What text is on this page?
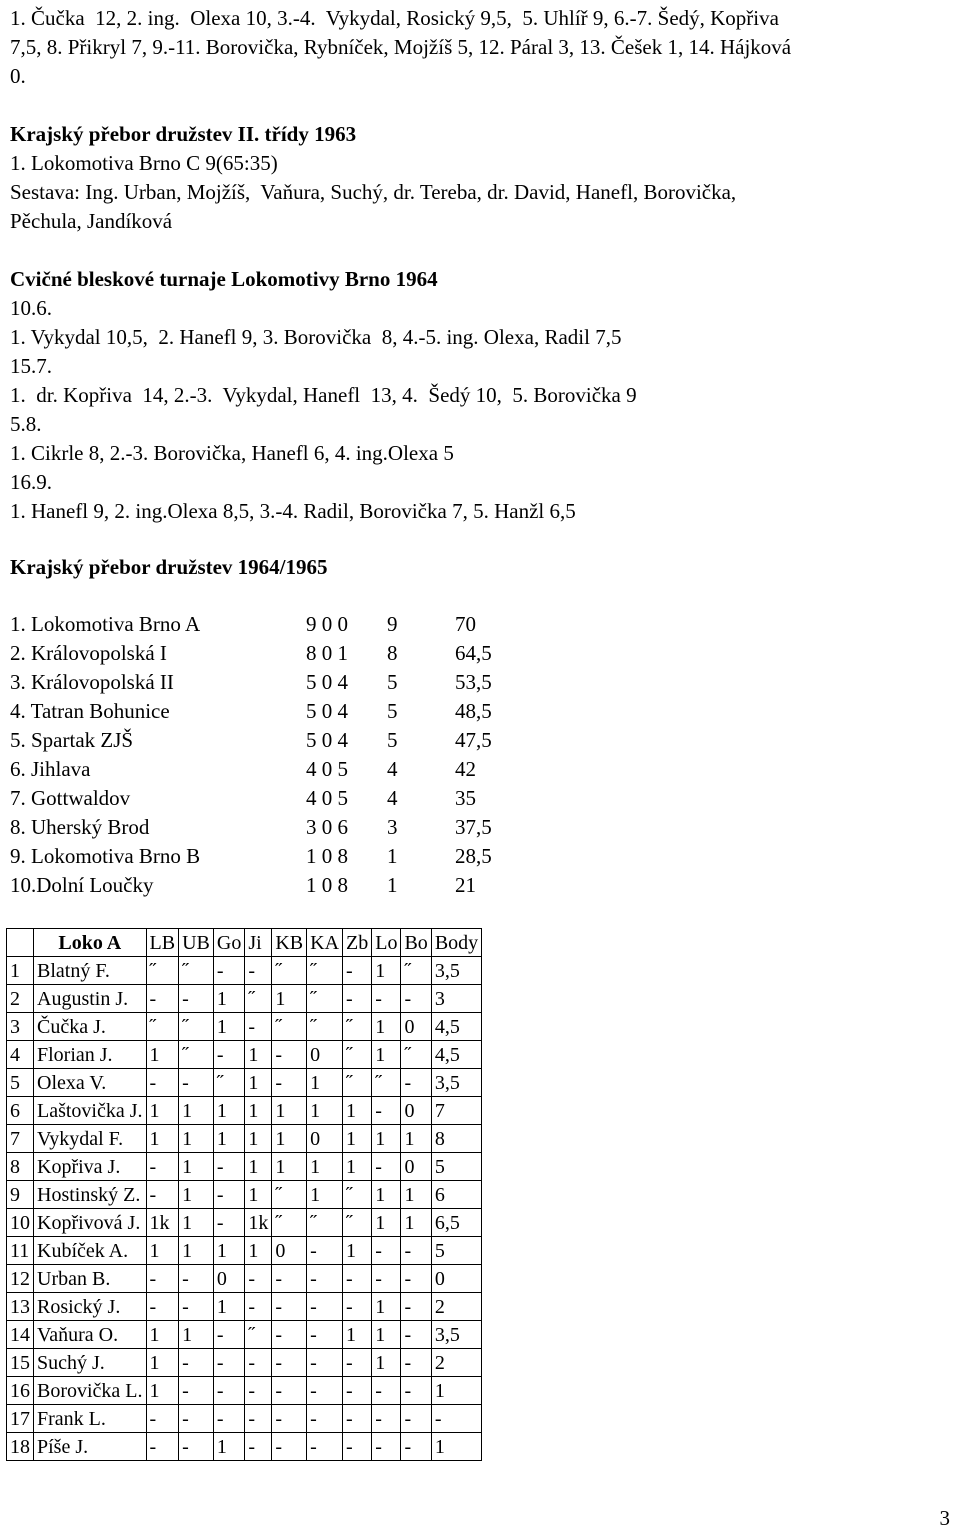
1. Čučka  12, 2. ing.  Olexa 10, 3.-4.  Vykydal, Rosický 9,5,  5. Uhlíř 9, 6.-7. Šedý, Kopřiva
7,5, 8. Přikryl 7, 9.-11. Borovička, Rybníček, Mojžíš 5, 12. Páral 3, 13. Češek 1, 14. Hájková
0.
Krajský přebor družstev II. třídy 1963
1. Lokomotiva Brno C 9(65:35)
Sestava: Ing. Urban, Mojžíš,  Vaňura, Suchý, dr. Tereba, dr. David, Hanefl, Borovička,
Pěchula, Jandíková
Cvičné bleskové turnaje Lokomotivy Brno 1964
10.6.
1. Vykydal 10,5,  2. Hanefl 9, 3. Borovička  8, 4.-5. ing. Olexa, Radil 7,5
15.7.
1.  dr. Kopřiva  14, 2.-3.  Vykydal, Hanefl  13, 4.  Šedý 10,  5. Borovička 9
5.8.
1. Cikrle 8, 2.-3. Borovička, Hanefl 6, 4. ing.Olexa 5
16.9.
1. Hanefl 9, 2. ing.Olexa 8,5, 3.-4. Radil, Borovička 7, 5. Hanžl 6,5
Krajský přebor družstev 1964/1965
1. Lokomotiva Brno A	9 0 0 9	70
2. Královopolská I	8 0 1 8	64,5
3. Královopolská II	5 0 4 5	53,5
4. Tatran Bohunice	5 0 4 5	48,5
5. Spartak ZJŠ	5 0 4 5	47,5
6. Jihlava	4 0 5 4	42
7. Gottwaldov	4 0 5 4	35
8. Uherský Brod	3 0 6 3	37,5
9. Lokomotiva Brno B	1 0 8 1	28,5
10.Dolní Loučky	1 0 8 1	21
	Loko A	LB	UB	Go	Ji	KB	KA	Zb	Lo	Bo	Body
1	Blatný F.	˝	˝	-	-	˝	˝	-	1	˝	3,5
2	Augustin J.	-	-	1	˝	1	˝	-	-	-	3
3	Čučka J.	˝	˝	1	-	˝	˝	˝	1	0	4,5
4	Florian J.	1	˝	-	1	-	0	˝	1	˝	4,5
5	Olexa V.	-	-	˝	1	-	1	˝	˝	-	3,5
6	Laštovička J.	1	1	1	1	1	1	1	-	0	7
7	Vykydal F.	1	1	1	1	1	0	1	1	1	8
8	Kopřiva J.	-	1	-	1	1	1	1	-	0	5
9	Hostinský Z.	-	1	-	1	˝	1	˝	1	1	6
10	Kopřivová J.	1k	1	-	1k	˝	˝	˝	1	1	6,5
11	Kubíček A.	1	1	1	1	0	-	1	-	-	5
12	Urban B.	-	-	0	-	-	-	-	-	-	0
13	Rosický J.	-	-	1	-	-	-	-	1	-	2
14	Vaňura O.	1	1	-	˝	-	-	1	1	-	3,5
15	Suchý J.	1	-	-	-	-	-	-	1	-	2
16	Borovička L.	1	-	-	-	-	-	-	-	-	1
17	Frank L.	-	-	-	-	-	-	-	-	-	-
18	Píše J.	-	-	1	-	-	-	-	-	-	1
3
